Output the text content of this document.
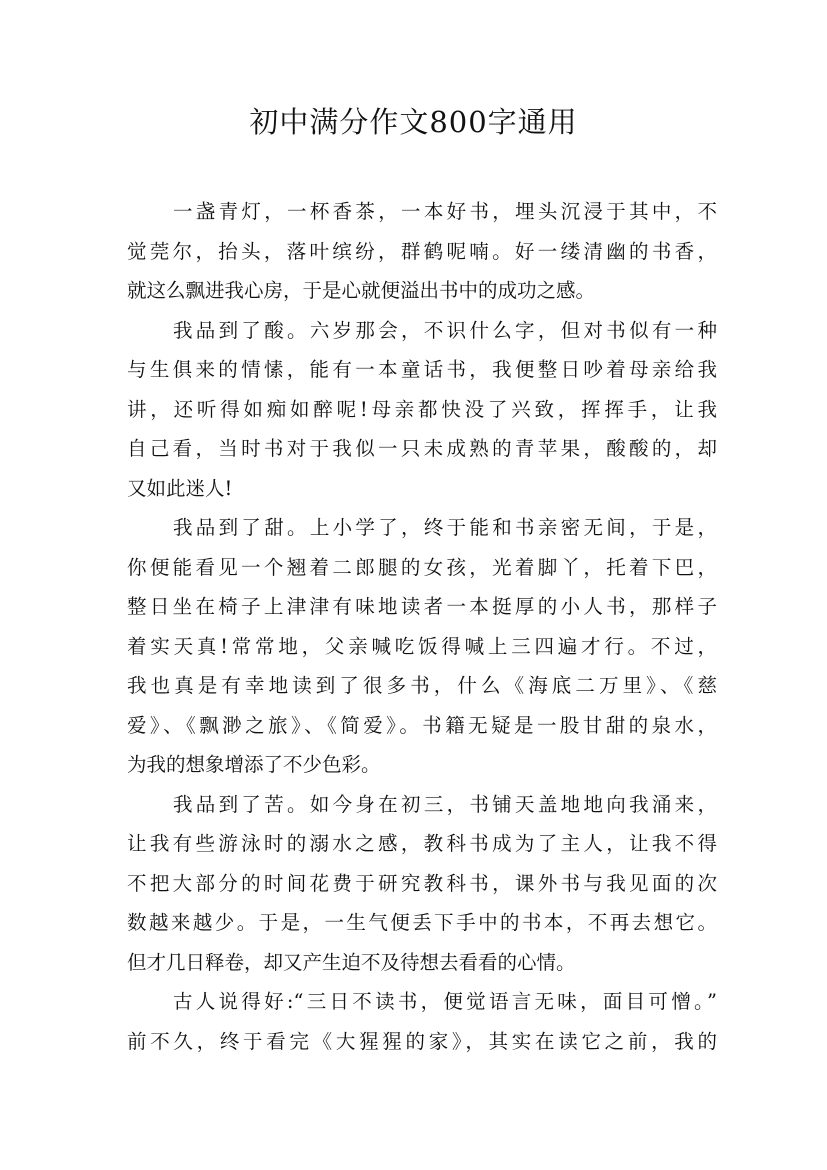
初中满分作文800字通用
一盏青灯，一杯香茶，一本好书，埋头沉浸于其中，不
觉莞尔，抬头，落叶缤纷，群鹤呢喃。好一缕清幽的书香，
就这么飘进我心房，于是心就便溢出书中的成功之感。
我品到了酸。六岁那会，不识什么字，但对书似有一种
与生俱来的情愫，能有一本童话书，我便整日吵着母亲给我
讲，还听得如痴如醉呢!母亲都快没了兴致，挥挥手，让我
自己看，当时书对于我似一只未成熟的青苹果，酸酸的，却
又如此迷人!
我品到了甜。上小学了，终于能和书亲密无间，于是，
你便能看见一个翘着二郎腿的女孩，光着脚丫，托着下巴，
整日坐在椅子上津津有味地读者一本挺厚的小人书，那样子
着实天真!常常地，父亲喊吃饭得喊上三四遍才行。不过，
我也真是有幸地读到了很多书，什么《海底二万里》、《慈
爱》、《飘渺之旅》、《简爱》。书籍无疑是一股甘甜的泉水，
为我的想象增添了不少色彩。
我品到了苦。如今身在初三，书铺天盖地地向我涌来，
让我有些游泳时的溺水之感，教科书成为了主人，让我不得
不把大部分的时间花费于研究教科书，课外书与我见面的次
数越来越少。于是，一生气便丢下手中的书本，不再去想它。
但才几日释卷，却又产生迫不及待想去看看的心情。
古人说得好:“三日不读书，便觉语言无味，面目可憎。”
前不久，终于看完《大猩猩的家》，其实在读它之前，我的
